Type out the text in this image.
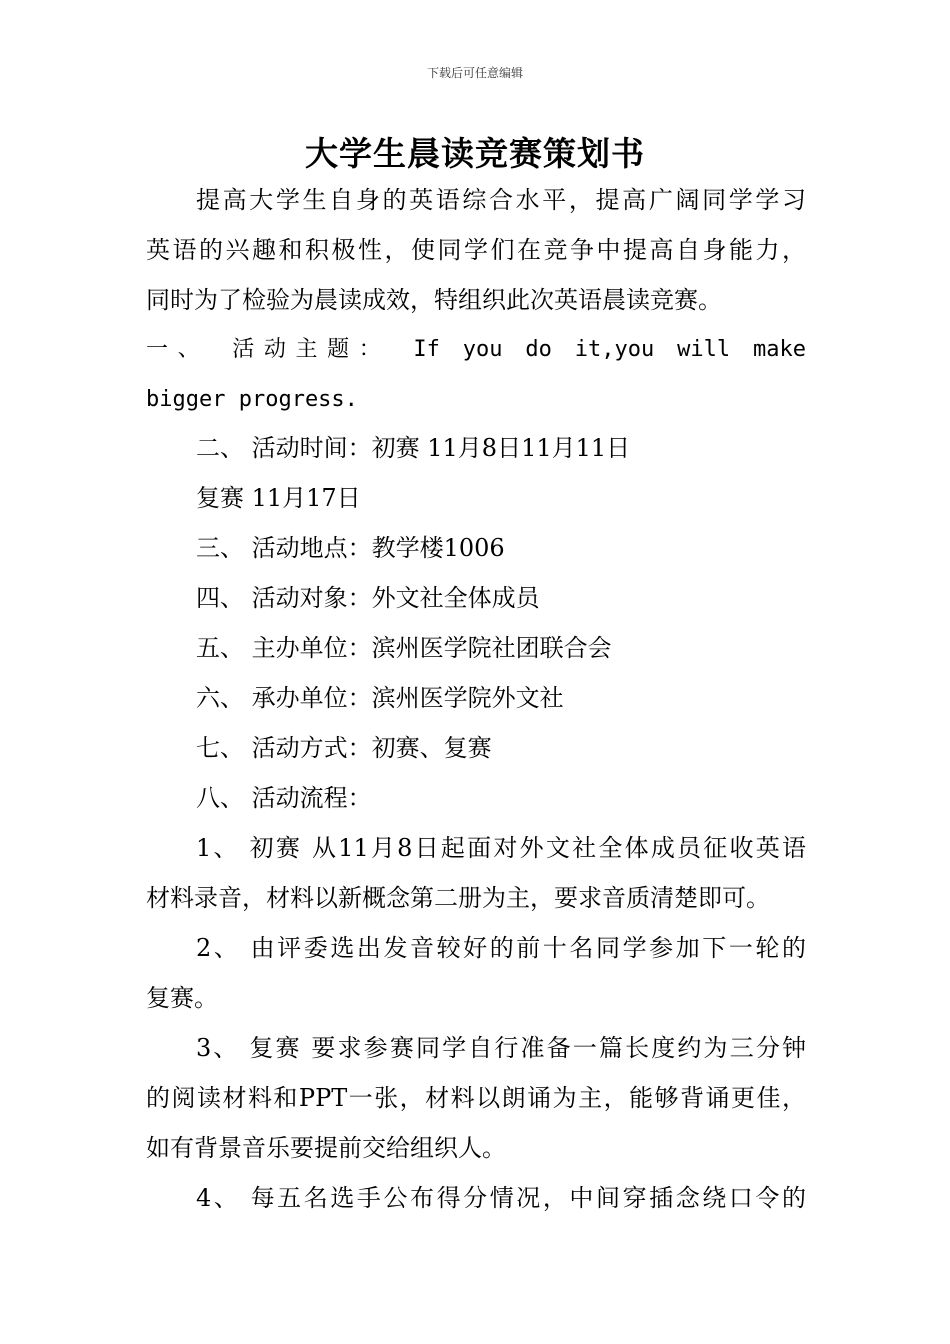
下载后可任意编辑
大学生晨读竞赛策划书
提高大学生自身的英语综合水平，提高广阔同学学习
英语的兴趣和积极性，使同学们在竞争中提高自身能力，
同时为了检验为晨读成效，特组织此次英语晨读竞赛。
一、 活动主题： If you do it,you will make
bigger progress.
二、 活动时间：初赛 11月8日11月11日
复赛 11月17日
三、 活动地点：教学楼1006
四、 活动对象：外文社全体成员
五、 主办单位：滨州医学院社团联合会
六、 承办单位：滨州医学院外文社
七、 活动方式：初赛、复赛
八、 活动流程：
1、 初赛 从11月8日起面对外文社全体成员征收英语
材料录音，材料以新概念第二册为主，要求音质清楚即可。
2、 由评委选出发音较好的前十名同学参加下一轮的
复赛。
3、 复赛 要求参赛同学自行准备一篇长度约为三分钟
的阅读材料和PPT一张，材料以朗诵为主，能够背诵更佳，
如有背景音乐要提前交给组织人。
4、 每五名选手公布得分情况，中间穿插念绕口令的
